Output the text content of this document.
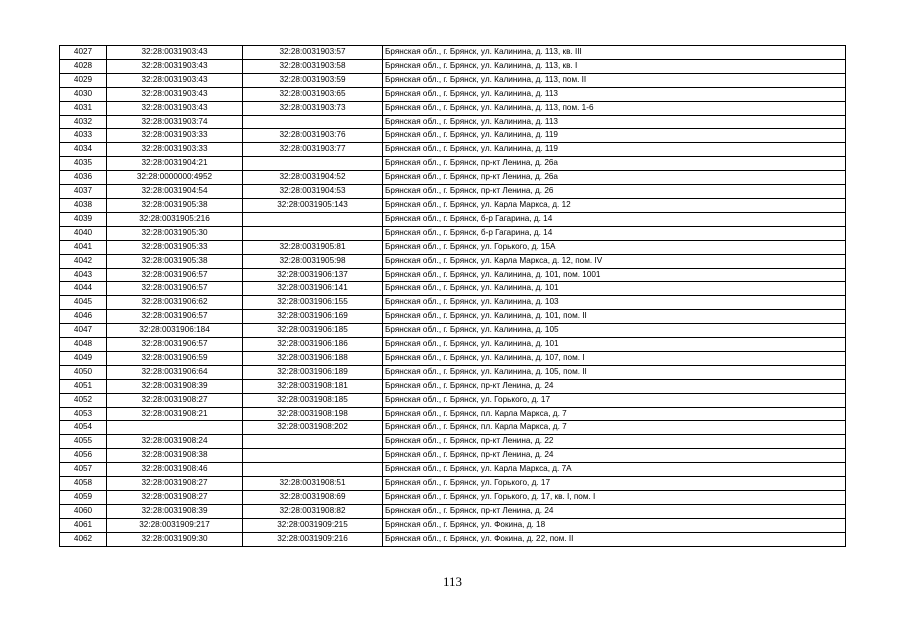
4027	32:28:0031903:43	32:28:0031903:57	Брянская обл., г. Брянск, ул. Калинина, д. 113, кв. III
4028	32:28:0031903:43	32:28:0031903:58	Брянская обл., г. Брянск, ул. Калинина, д. 113, кв. I
4029	32:28:0031903:43	32:28:0031903:59	Брянская обл., г. Брянск, ул. Калинина, д. 113, пом. II
4030	32:28:0031903:43	32:28:0031903:65	Брянская обл., г. Брянск, ул. Калинина, д. 113
4031	32:28:0031903:43	32:28:0031903:73	Брянская обл., г. Брянск, ул. Калинина, д. 113, пом. 1-6
4032	32:28:0031903:74		Брянская обл., г. Брянск, ул. Калинина, д. 113
4033	32:28:0031903:33	32:28:0031903:76	Брянская обл., г. Брянск, ул. Калинина, д. 119
4034	32:28:0031903:33	32:28:0031903:77	Брянская обл., г. Брянск, ул. Калинина, д. 119
4035	32:28:0031904:21		Брянская обл., г. Брянск, пр-кт Ленина, д. 26а
4036	32:28:0000000:4952	32:28:0031904:52	Брянская обл., г. Брянск, пр-кт Ленина, д. 26а
4037	32:28:0031904:54	32:28:0031904:53	Брянская обл., г. Брянск, пр-кт Ленина, д. 26
4038	32:28:0031905:38	32:28:0031905:143	Брянская обл., г. Брянск, ул. Карла Маркса, д. 12
4039	32:28:0031905:216		Брянская обл., г. Брянск, б-р Гагарина, д. 14
4040	32:28:0031905:30		Брянская обл., г. Брянск, б-р Гагарина, д. 14
4041	32:28:0031905:33	32:28:0031905:81	Брянская обл., г. Брянск, ул. Горького, д. 15А
4042	32:28:0031905:38	32:28:0031905:98	Брянская обл., г. Брянск, ул. Карла Маркса, д. 12, пом. IV
4043	32:28:0031906:57	32:28:0031906:137	Брянская обл., г. Брянск, ул. Калинина, д. 101, пом. 1001
4044	32:28:0031906:57	32:28:0031906:141	Брянская обл., г. Брянск, ул. Калинина, д. 101
4045	32:28:0031906:62	32:28:0031906:155	Брянская обл., г. Брянск, ул. Калинина, д. 103
4046	32:28:0031906:57	32:28:0031906:169	Брянская обл., г. Брянск, ул. Калинина, д. 101, пом. II
4047	32:28:0031906:184	32:28:0031906:185	Брянская обл., г. Брянск, ул. Калинина, д. 105
4048	32:28:0031906:57	32:28:0031906:186	Брянская обл., г. Брянск, ул. Калинина, д. 101
4049	32:28:0031906:59	32:28:0031906:188	Брянская обл., г. Брянск, ул. Калинина, д. 107, пом. I
4050	32:28:0031906:64	32:28:0031906:189	Брянская обл., г. Брянск, ул. Калинина, д. 105, пом. II
4051	32:28:0031908:39	32:28:0031908:181	Брянская обл., г. Брянск, пр-кт Ленина, д. 24
4052	32:28:0031908:27	32:28:0031908:185	Брянская обл., г. Брянск, ул. Горького, д. 17
4053	32:28:0031908:21	32:28:0031908:198	Брянская обл., г. Брянск, пл. Карла Маркса, д. 7
4054		32:28:0031908:202	Брянская обл., г. Брянск, пл. Карла Маркса, д. 7
4055	32:28:0031908:24		Брянская обл., г. Брянск, пр-кт Ленина, д. 22
4056	32:28:0031908:38		Брянская обл., г. Брянск, пр-кт Ленина, д. 24
4057	32:28:0031908:46		Брянская обл., г. Брянск, ул. Карла Маркса, д. 7А
4058	32:28:0031908:27	32:28:0031908:51	Брянская обл., г. Брянск, ул. Горького, д. 17
4059	32:28:0031908:27	32:28:0031908:69	Брянская обл., г. Брянск, ул. Горького, д. 17, кв. I, пом. I
4060	32:28:0031908:39	32:28:0031908:82	Брянская обл., г. Брянск, пр-кт Ленина, д. 24
4061	32:28:0031909:217	32:28:0031909:215	Брянская обл., г. Брянск, ул. Фокина, д. 18
4062	32:28:0031909:30	32:28:0031909:216	Брянская обл., г. Брянск, ул. Фокина, д. 22, пом. II
113
